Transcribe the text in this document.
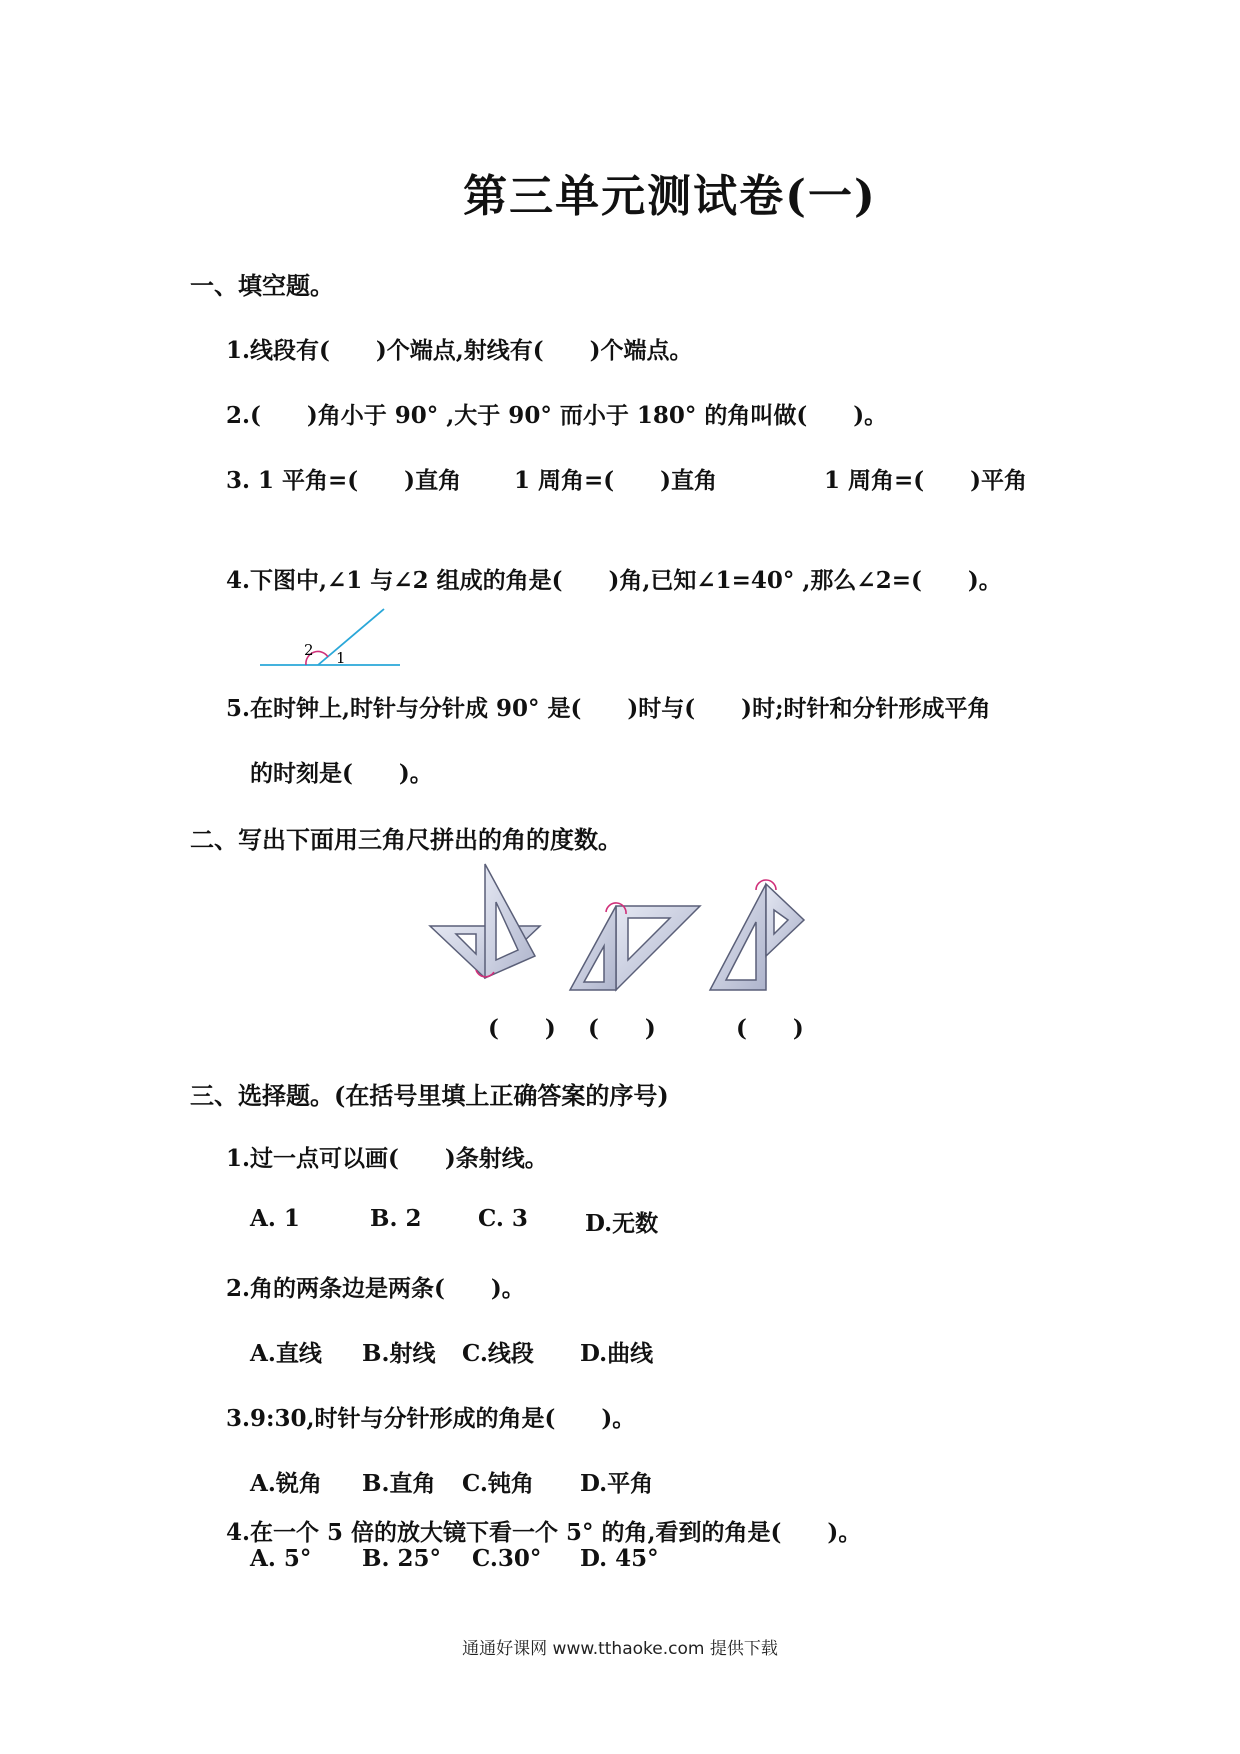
第三单元测试卷(一)
一、填空题。
1.线段有(　　)个端点,射线有(　　)个端点。
2.(　　)角小于 90° ,大于 90° 而小于 180° 的角叫做(　　)。
3. 1 平角=(　　)直角 1 周角=(　　)直角	1 周角=(　　)平角
4.下图中,∠1 与∠2 组成的角是(　　)角,已知∠1=40° ,那么∠2=(　　)。
2 1
5.在时钟上,时针与分针成 90° 是(　　)时与(　　)时;时针和分针形成平角
的时刻是(　　)。
二、写出下面用三角尺拼出的角的度数。
(　　) (　　)	(　　)
三、选择题。(在括号里填上正确答案的序号)
1.过一点可以画(　　)条射线。
A. 1	B. 2 C. 3 D.无数
2.角的两条边是两条(　　)。
A.直线 B.射线 C.线段 D.曲线
3.9:30,时针与分针形成的角是(　　)。
A.锐角 B.直角 C.钝角 D.平角
4.在一个 5 倍的放大镜下看一个 5° 的角,看到的角是(　　)。
A. 5° B. 25° C.30° D. 45°
通通好课网 www.tthaoke.com 提供下载
